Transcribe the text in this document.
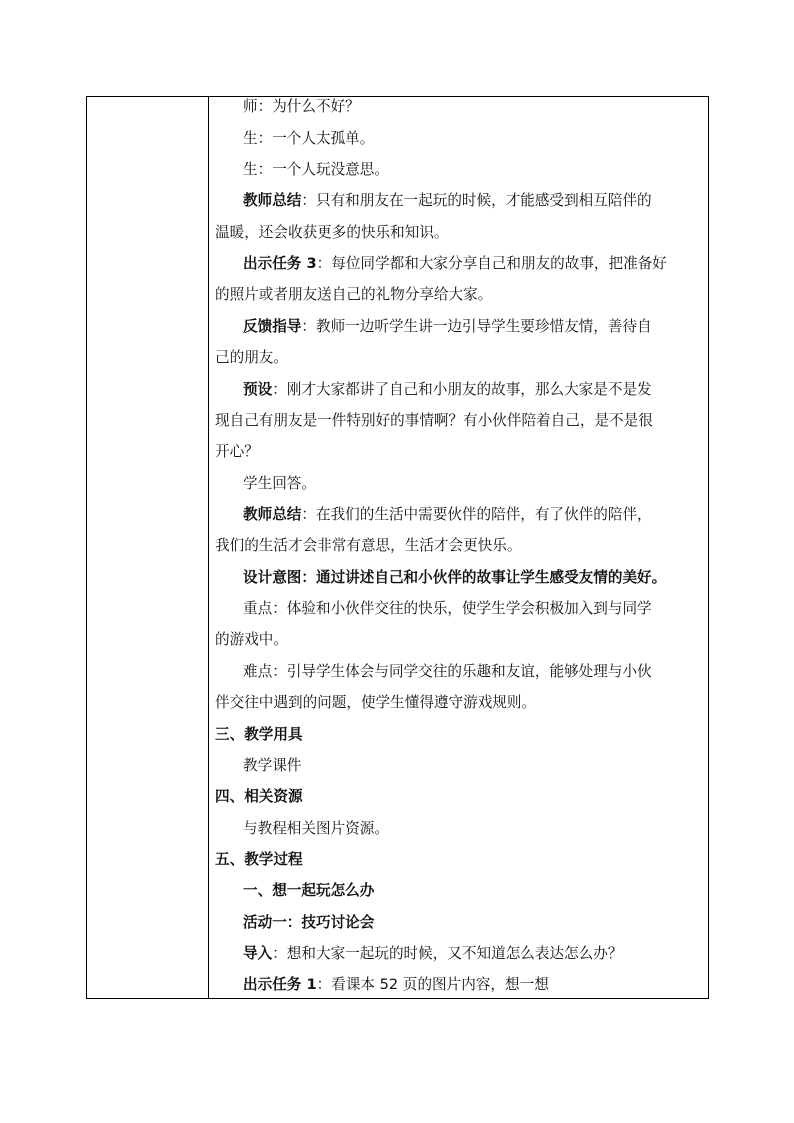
师：为什么不好？
生：一个人太孤单。
生：一个人玩没意思。
教师总结：只有和朋友在一起玩的时候，才能感受到相互陪伴的
温暖，还会收获更多的快乐和知识。
出示任务 3：每位同学都和大家分享自己和朋友的故事，把准备好
的照片或者朋友送自己的礼物分享给大家。
反馈指导：教师一边听学生讲一边引导学生要珍惜友情，善待自
己的朋友。
预设：刚才大家都讲了自己和小朋友的故事，那么大家是不是发
现自己有朋友是一件特别好的事情啊？有小伙伴陪着自己，是不是很
开心？
学生回答。
教师总结：在我们的生活中需要伙伴的陪伴，有了伙伴的陪伴，
我们的生活才会非常有意思，生活才会更快乐。
设计意图：通过讲述自己和小伙伴的故事让学生感受友情的美好。
重点：体验和小伙伴交往的快乐，使学生学会积极加入到与同学
的游戏中。
难点：引导学生体会与同学交往的乐趣和友谊，能够处理与小伙
伴交往中遇到的问题，使学生懂得遵守游戏规则。
三、教学用具
教学课件
四、相关资源
与教程相关图片资源。
五、教学过程
一、想一起玩怎么办
活动一：技巧讨论会
导入：想和大家一起玩的时候，又不知道怎么表达怎么办？
出示任务 1：看课本 52 页的图片内容，想一想
